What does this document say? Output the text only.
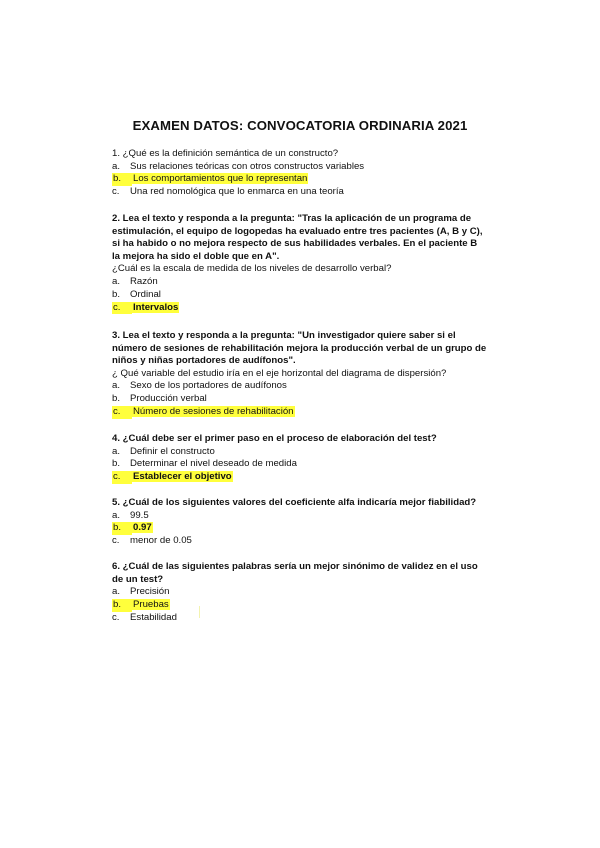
EXAMEN DATOS: CONVOCATORIA ORDINARIA 2021

1. ¿Qué es la definición semántica de un constructo?

a. Sus relaciones teóricas con otros constructos variables
b. Los comportamientos que lo representan
c. Una red nomológica que lo enmarca en una teoría

2. Lea el texto y responda a la pregunta: "Tras la aplicación de un programa de estimulación, el equipo de logopedas ha evaluado entre tres pacientes (A, B y C), si ha habido o no mejora respecto de sus habilidades verbales. En el paciente B la mejora ha sido el doble que en A".

¿Cuál es la escala de medida de los niveles de desarrollo verbal?

a. Razón
b. Ordinal
c. Intervalos

3. Lea el texto y responda a la pregunta: "Un investigador quiere saber si el número de sesiones de rehabilitación mejora la producción verbal de un grupo de niños y niñas portadores de audífonos".

¿ Qué variable del estudio iría en el eje horizontal del diagrama de dispersión?

a. Sexo de los portadores de audífonos
b. Producción verbal
c. Número de sesiones de rehabilitación

4. ¿Cuál debe ser el primer paso en el proceso de elaboración del test?

a. Definir el constructo
b. Determinar el nivel deseado de medida
c. Establecer el objetivo

5. ¿Cuál de los siguientes valores del coeficiente alfa indicaría mejor fiabilidad?

a. 99.5
b. 0.97
c. menor de 0.05

6. ¿Cuál de las siguientes palabras sería un mejor sinónimo de validez en el uso de un test?

a. Precisión
b. Pruebas
c. Estabilidad
